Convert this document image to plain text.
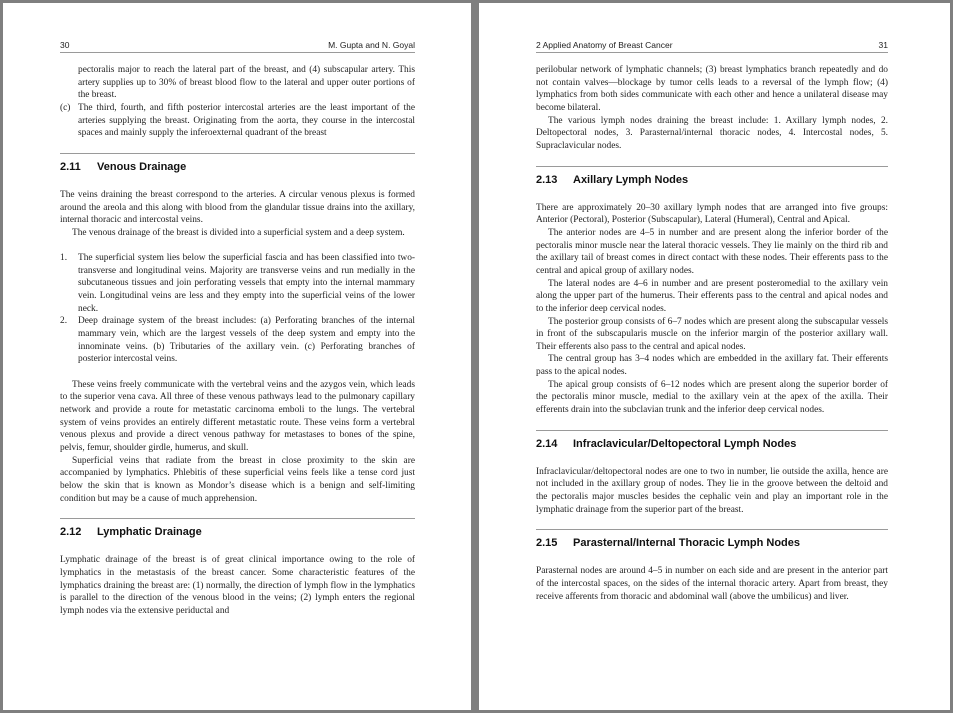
30	M. Gupta and N. Goyal

pectoralis major to reach the lateral part of the breast, and (4) subscapular artery. This artery supplies up to 30% of breast blood flow to the lateral and upper outer portions of the breast.

(c) The third, fourth, and fifth posterior intercostal arteries are the least important of the arteries supplying the breast. Originating from the aorta, they course in the intercostal spaces and mainly supply the inferoexternal quadrant of the breast
2.11 Venous Drainage

The veins draining the breast correspond to the arteries. A circular venous plexus is formed around the areola and this along with blood from the glandular tissue drains into the axillary, internal thoracic and intercostal veins.

The venous drainage of the breast is divided into a superficial system and a deep system.

1.	The superficial system lies below the superficial fascia and has been classified into two- transverse and longitudinal veins. Majority are transverse veins and run medially in the subcutaneous tissues and join perforating vessels that empty into the internal mammary vein. Longitudinal veins are less and they empty into the superficial veins of the lower neck.
2.	Deep drainage system of the breast includes: (a) Perforating branches of the internal mammary vein, which are the largest vessels of the deep system and empty into the innominate veins. (b) Tributaries of the axillary vein. (c) Perforating branches of posterior intercostal veins.

These veins freely communicate with the vertebral veins and the azygos vein, which leads to the superior vena cava. All three of these venous pathways lead to the pulmonary capillary network and provide a route for metastatic carcinoma emboli to the lungs. The vertebral system of veins provides an entirely different metastatic route. These veins form a vertebral venous plexus and provide a direct venous pathway for metastases to bones of the spine, pelvis, femur, shoulder girdle, humerus, and skull.

Superficial veins that radiate from the breast in close proximity to the skin are accompanied by lymphatics. Phlebitis of these superficial veins feels like a tense cord just below the skin that is known as Mondor’s disease which is a benign and self-limiting condition but may be a cause of much apprehension.

2.12 Lymphatic Drainage

Lymphatic drainage of the breast is of great clinical importance owing to the role of lymphatics in the metastasis of the breast cancer. Some characteristic features of the lymphatics draining the breast are: (1) normally, the direction of lymph flow in the lymphatics is parallel to the direction of the venous blood in the veins; (2) lymph enters the regional lymph nodes via the extensive periductal and

2 Applied Anatomy of Breast Cancer	31

perilobular network of lymphatic channels; (3) breast lymphatics branch repeatedly and do not contain valves—blockage by tumor cells leads to a reversal of the lymph flow; (4) lymphatics from both sides communicate with each other and hence a unilateral disease may become bilateral.

The various lymph nodes draining the breast include: 1. Axillary lymph nodes, 2. Deltopectoral nodes, 3. Parasternal/internal thoracic nodes, 4. Intercostal nodes, 5. Supraclavicular nodes.

2.13 Axillary Lymph Nodes

There are approximately 20–30 axillary lymph nodes that are arranged into five groups: Anterior (Pectoral), Posterior (Subscapular), Lateral (Humeral), Central and Apical.

The anterior nodes are 4–5 in number and are present along the inferior border of the pectoralis minor muscle near the lateral thoracic vessels. They lie mainly on the third rib and the axillary tail of breast comes in direct contact with these nodes. Their efferents pass to the central and apical group of axillary nodes.

The lateral nodes are 4–6 in number and are present posteromedial to the axillary vein along the upper part of the humerus. Their efferents pass to the central and apical nodes and to the inferior deep cervical nodes.

The posterior group consists of 6–7 nodes which are present along the subscapular vessels in front of the subscapularis muscle on the inferior margin of the posterior axillary wall. Their efferents also pass to the central and apical nodes.

The central group has 3–4 nodes which are embedded in the axillary fat. Their efferents pass to the apical nodes.

The apical group consists of 6–12 nodes which are present along the superior border of the pectoralis minor muscle, medial to the axillary vein at the apex of the axilla. Their efferents drain into the subclavian trunk and the inferior deep cervical nodes.

2.14 Infraclavicular/Deltopectoral Lymph Nodes

Infraclavicular/deltopectoral nodes are one to two in number, lie outside the axilla, hence are not included in the axillary group of nodes. They lie in the groove between the deltoid and the pectoralis major muscles besides the cephalic vein and play an important role in the lymphatic drainage from the superior part of the breast.

2.15 Parasternal/Internal Thoracic Lymph Nodes

Parasternal nodes are around 4–5 in number on each side and are present in the anterior part of the intercostal spaces, on the sides of the internal thoracic artery. Apart from breast, they receive afferents from thoracic and abdominal wall (above the umbilicus) and liver.
